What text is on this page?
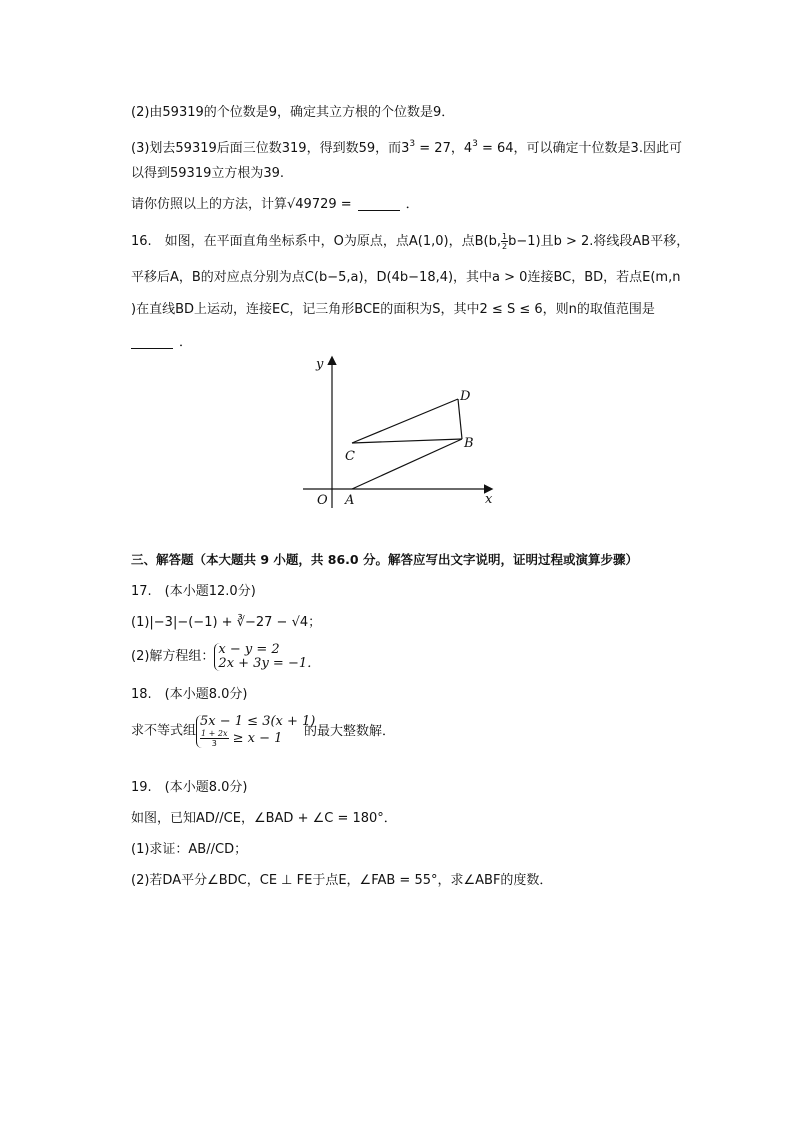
(2)由59319的个位数是9，确定其立方根的个位数是9．
(3)划去59319后面三位数319，得到数59，而$3^3 = 27$，$4^3 = 64$，可以确定十位数是3.因此可
以得到59319立方根为39.
请你仿照以上的方法，计算√49729 =	．
16.　如图，在平面直角坐标系中，O为原点，点A(1,0)，点B(b, $\frac{1}{2} b-1$)且b > 2.将线段AB平移，
平移后A，B的对应点分别为点C(b−5,a)，D(4b−18,4)，其中a > 0连接BC，BD，若点E(m,n
)在直线BD上运动，连接EC，记三角形BCE的面积为S，其中2 ≤ S ≤ 6，则n的取值范围是
．
y
x
O A
B
C
D
三、解答题（本大题共 9 小题，共 86.0 分。解答应写出文字说明，证明过程或演算步骤）
17.　(本小题12.0分)
(1)|−3|−(−1) + ∛−27 − √4；
(2)解方程组： x − y = 2
2x + 3y = −1．
18.　(本小题8.0分)
求不等式组
5x − 1 ≤ 3(x + 1)
$\frac{1 + 2x}{3} \ge x - 1$	的最大整数解．
19.　(本小题8.0分)
如图，已知AD//CE，∠BAD + ∠C = 180°．
(1)求证：AB//CD；
(2)若DA平分∠BDC，CE ⊥ FE于点E，∠FAB = 55°，求∠ABF的度数．
